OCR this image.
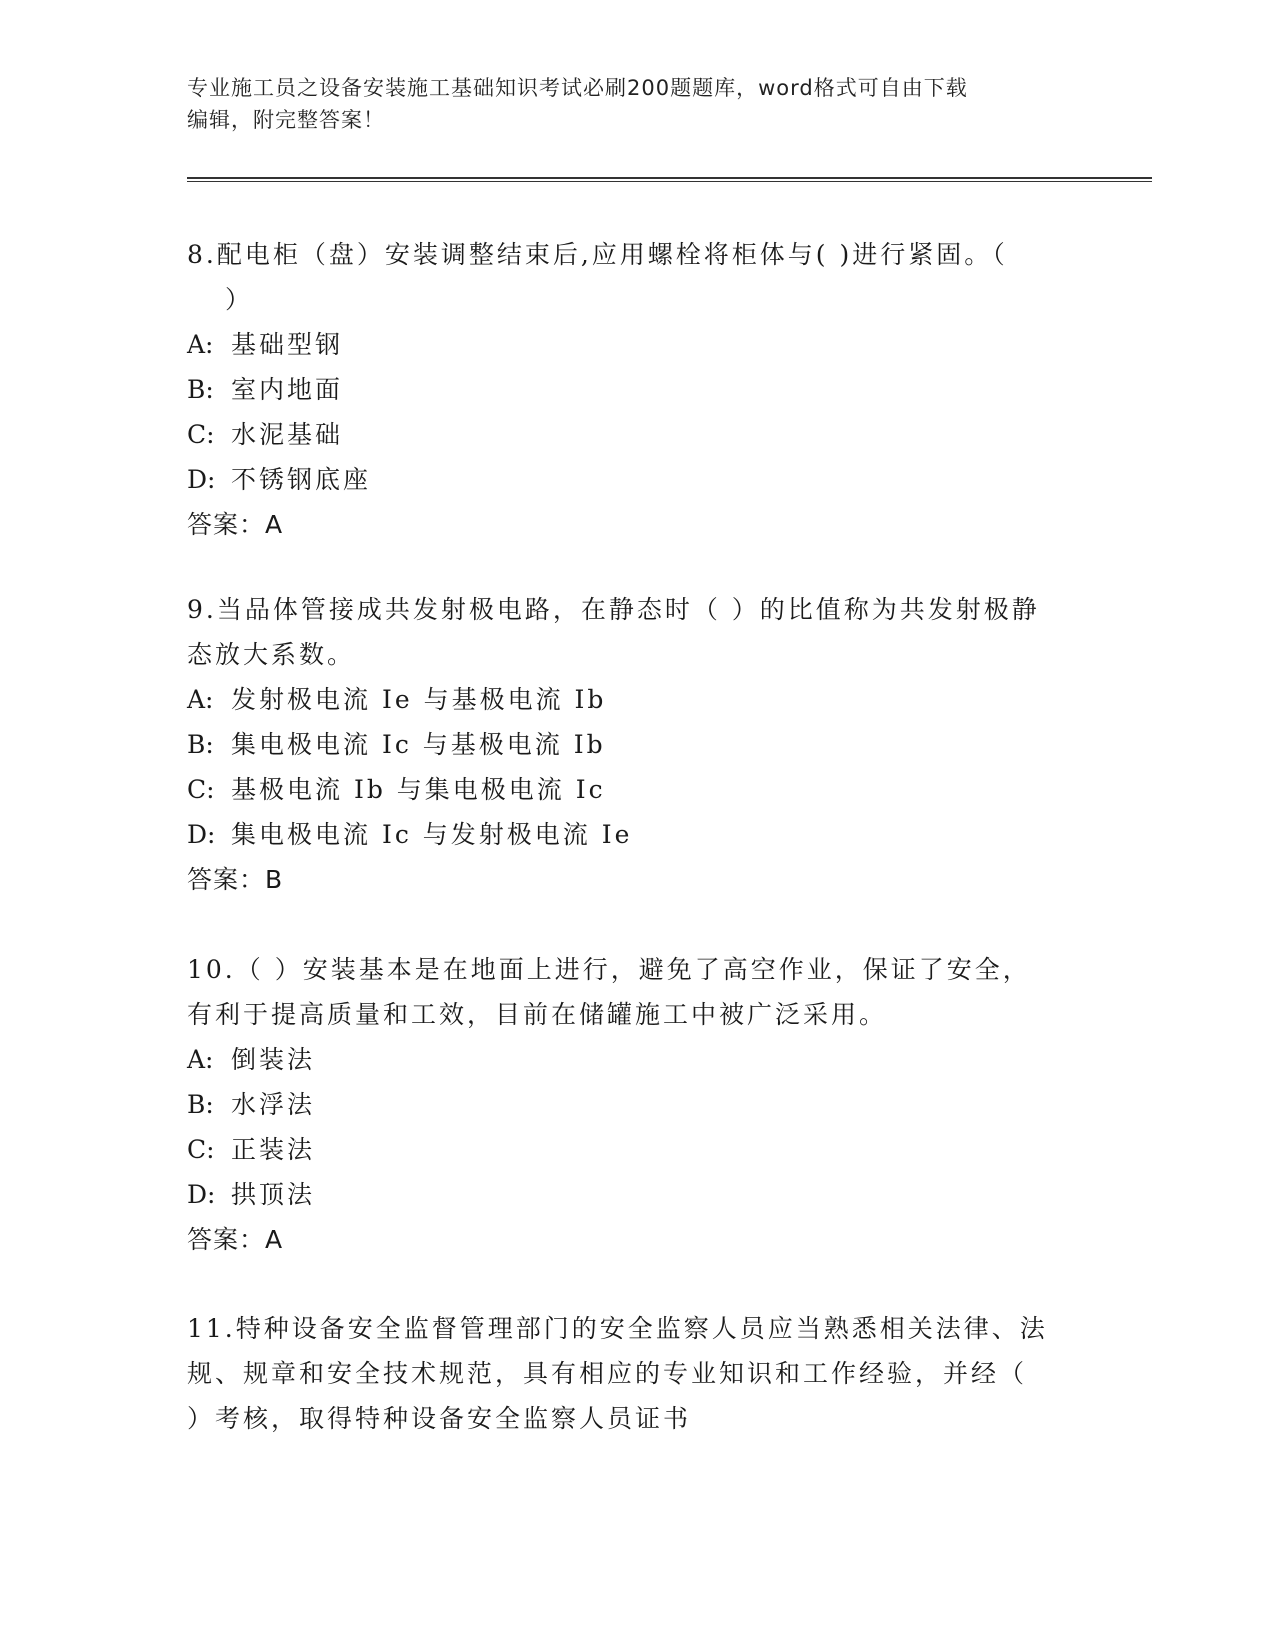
专业施工员之设备安装施工基础知识考试必刷200题题库，word格式可自由下载
编辑，附完整答案！

8.配电柜（盘）安装调整结束后,应用螺栓将柜体与( )进行紧固。（

）

A: 基础型钢

B: 室内地面

C: 水泥基础

D: 不锈钢底座

答案：A

9.当品体管接成共发射极电路，在静态时（ ）的比值称为共发射极静

态放大系数。

A: 发射极电流 Ie 与基极电流 Ib

B: 集电极电流 Ic 与基极电流 Ib

C: 基极电流 Ib 与集电极电流 Ic

D: 集电极电流 Ic 与发射极电流 Ie

答案：B

10.（ ）安装基本是在地面上进行，避免了高空作业，保证了安全，

有利于提高质量和工效，目前在储罐施工中被广泛采用。

A: 倒装法

B: 水浮法

C: 正装法

D: 拱顶法

答案：A

11.特种设备安全监督管理部门的安全监察人员应当熟悉相关法律、法

规、规章和安全技术规范，具有相应的专业知识和工作经验，并经（

）考核，取得特种设备安全监察人员证书
